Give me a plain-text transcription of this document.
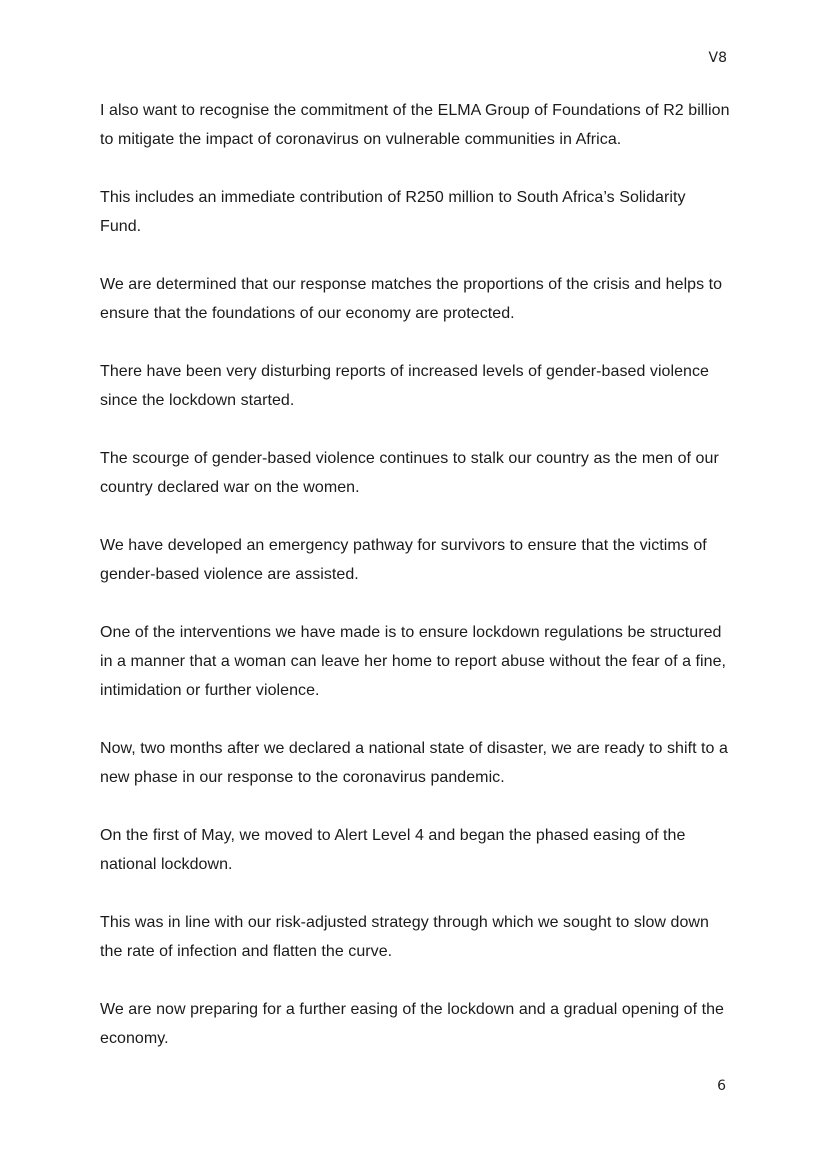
V8

I also want to recognise the commitment of the ELMA Group of Foundations of R2 billion to mitigate the impact of coronavirus on vulnerable communities in Africa.

This includes an immediate contribution of R250 million to South Africa’s Solidarity Fund.

We are determined that our response matches the proportions of the crisis and helps to ensure that the foundations of our economy are protected.

There have been very disturbing reports of increased levels of gender-based violence since the lockdown started.

The scourge of gender-based violence continues to stalk our country as the men of our country declared war on the women.

We have developed an emergency pathway for survivors to ensure that the victims of gender-based violence are assisted.

One of the interventions we have made is to ensure lockdown regulations be structured in a manner that a woman can leave her home to report abuse without the fear of a fine, intimidation or further violence.

Now, two months after we declared a national state of disaster, we are ready to shift to a new phase in our response to the coronavirus pandemic.

On the first of May, we moved to Alert Level 4 and began the phased easing of the national lockdown.

This was in line with our risk-adjusted strategy through which we sought to slow down the rate of infection and flatten the curve.

We are now preparing for a further easing of the lockdown and a gradual opening of the economy.

6
